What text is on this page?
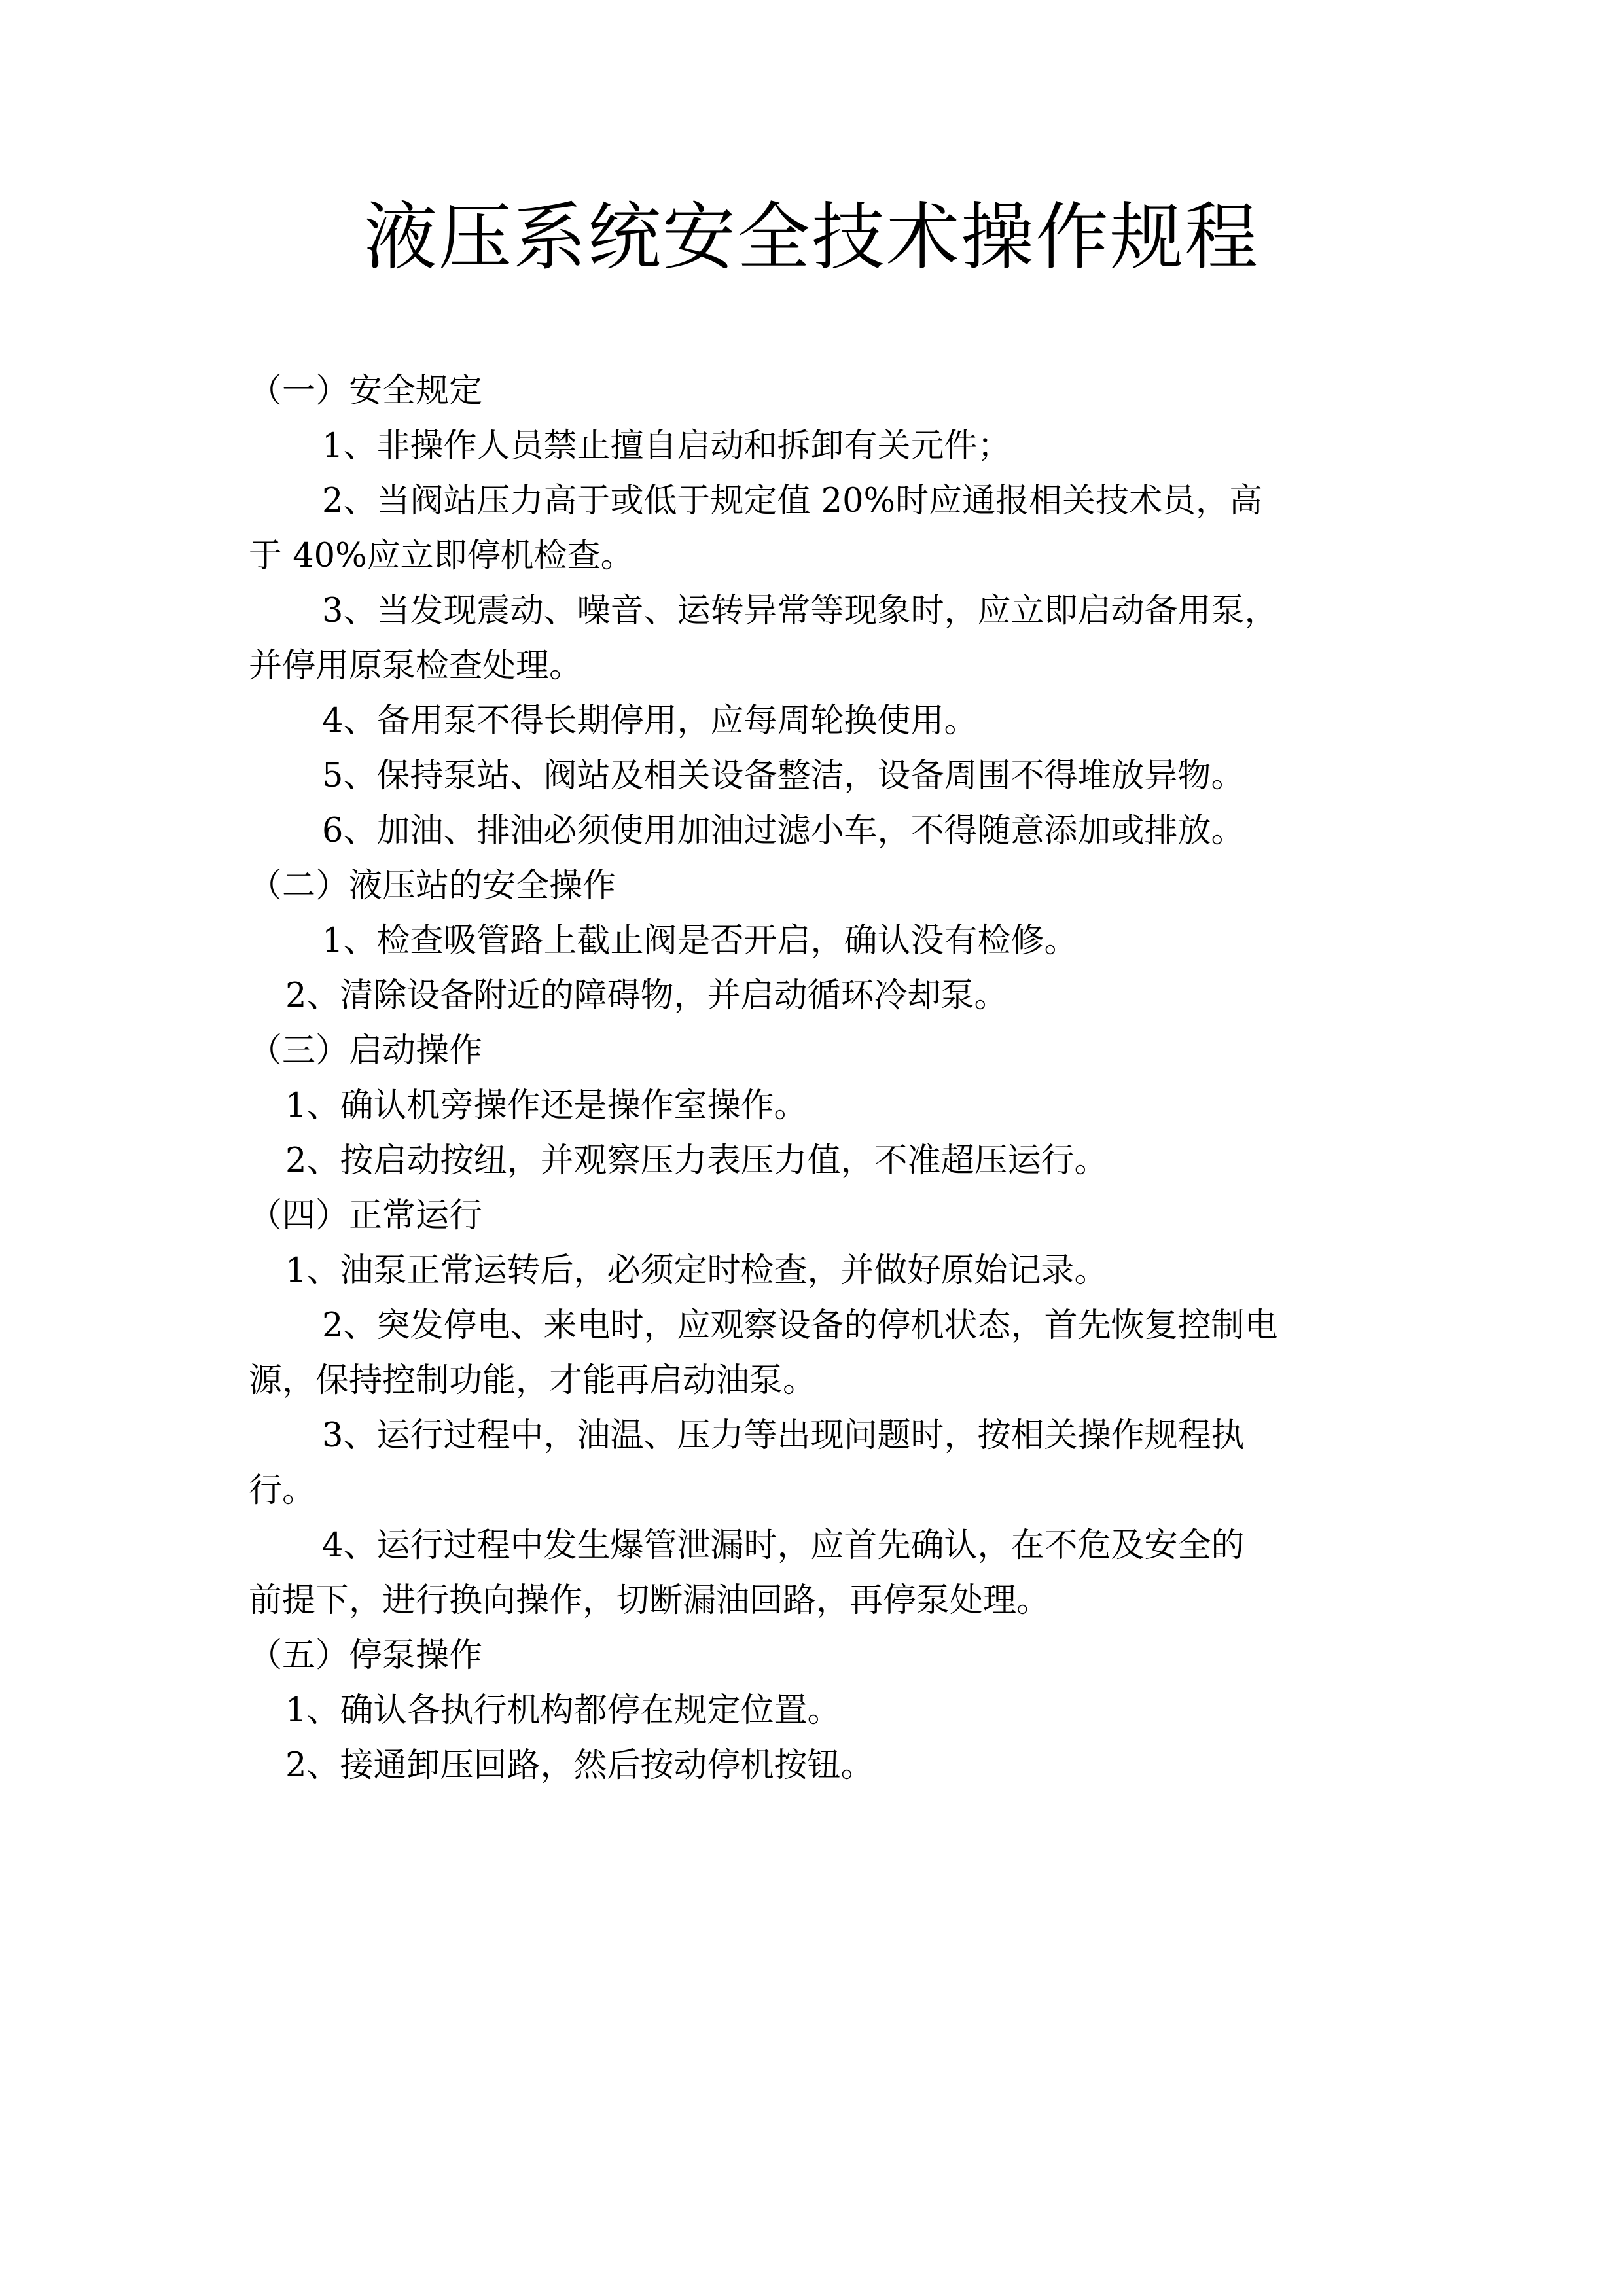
液压系统安全技术操作规程
（一）安全规定
1、非操作人员禁止擅自启动和拆卸有关元件；
2、当阀站压力高于或低于规定值 20%时应通报相关技术员，高
于 40%应立即停机检查。
3、当发现震动、噪音、运转异常等现象时，应立即启动备用泵，
并停用原泵检查处理。
4、备用泵不得长期停用，应每周轮换使用。
5、保持泵站、阀站及相关设备整洁，设备周围不得堆放异物。
6、加油、排油必须使用加油过滤小车，不得随意添加或排放。
（二）液压站的安全操作
1、检查吸管路上截止阀是否开启，确认没有检修。
2、清除设备附近的障碍物，并启动循环冷却泵。
（三）启动操作
1、确认机旁操作还是操作室操作。
2、按启动按纽，并观察压力表压力值，不准超压运行。
（四）正常运行
1、油泵正常运转后，必须定时检查，并做好原始记录。
2、突发停电、来电时，应观察设备的停机状态，首先恢复控制电
源，保持控制功能，才能再启动油泵。
3、运行过程中，油温、压力等出现问题时，按相关操作规程执
行。
4、运行过程中发生爆管泄漏时，应首先确认，在不危及安全的
前提下，进行换向操作，切断漏油回路，再停泵处理。
（五）停泵操作
1、确认各执行机构都停在规定位置。
2、接通卸压回路，然后按动停机按钮。
